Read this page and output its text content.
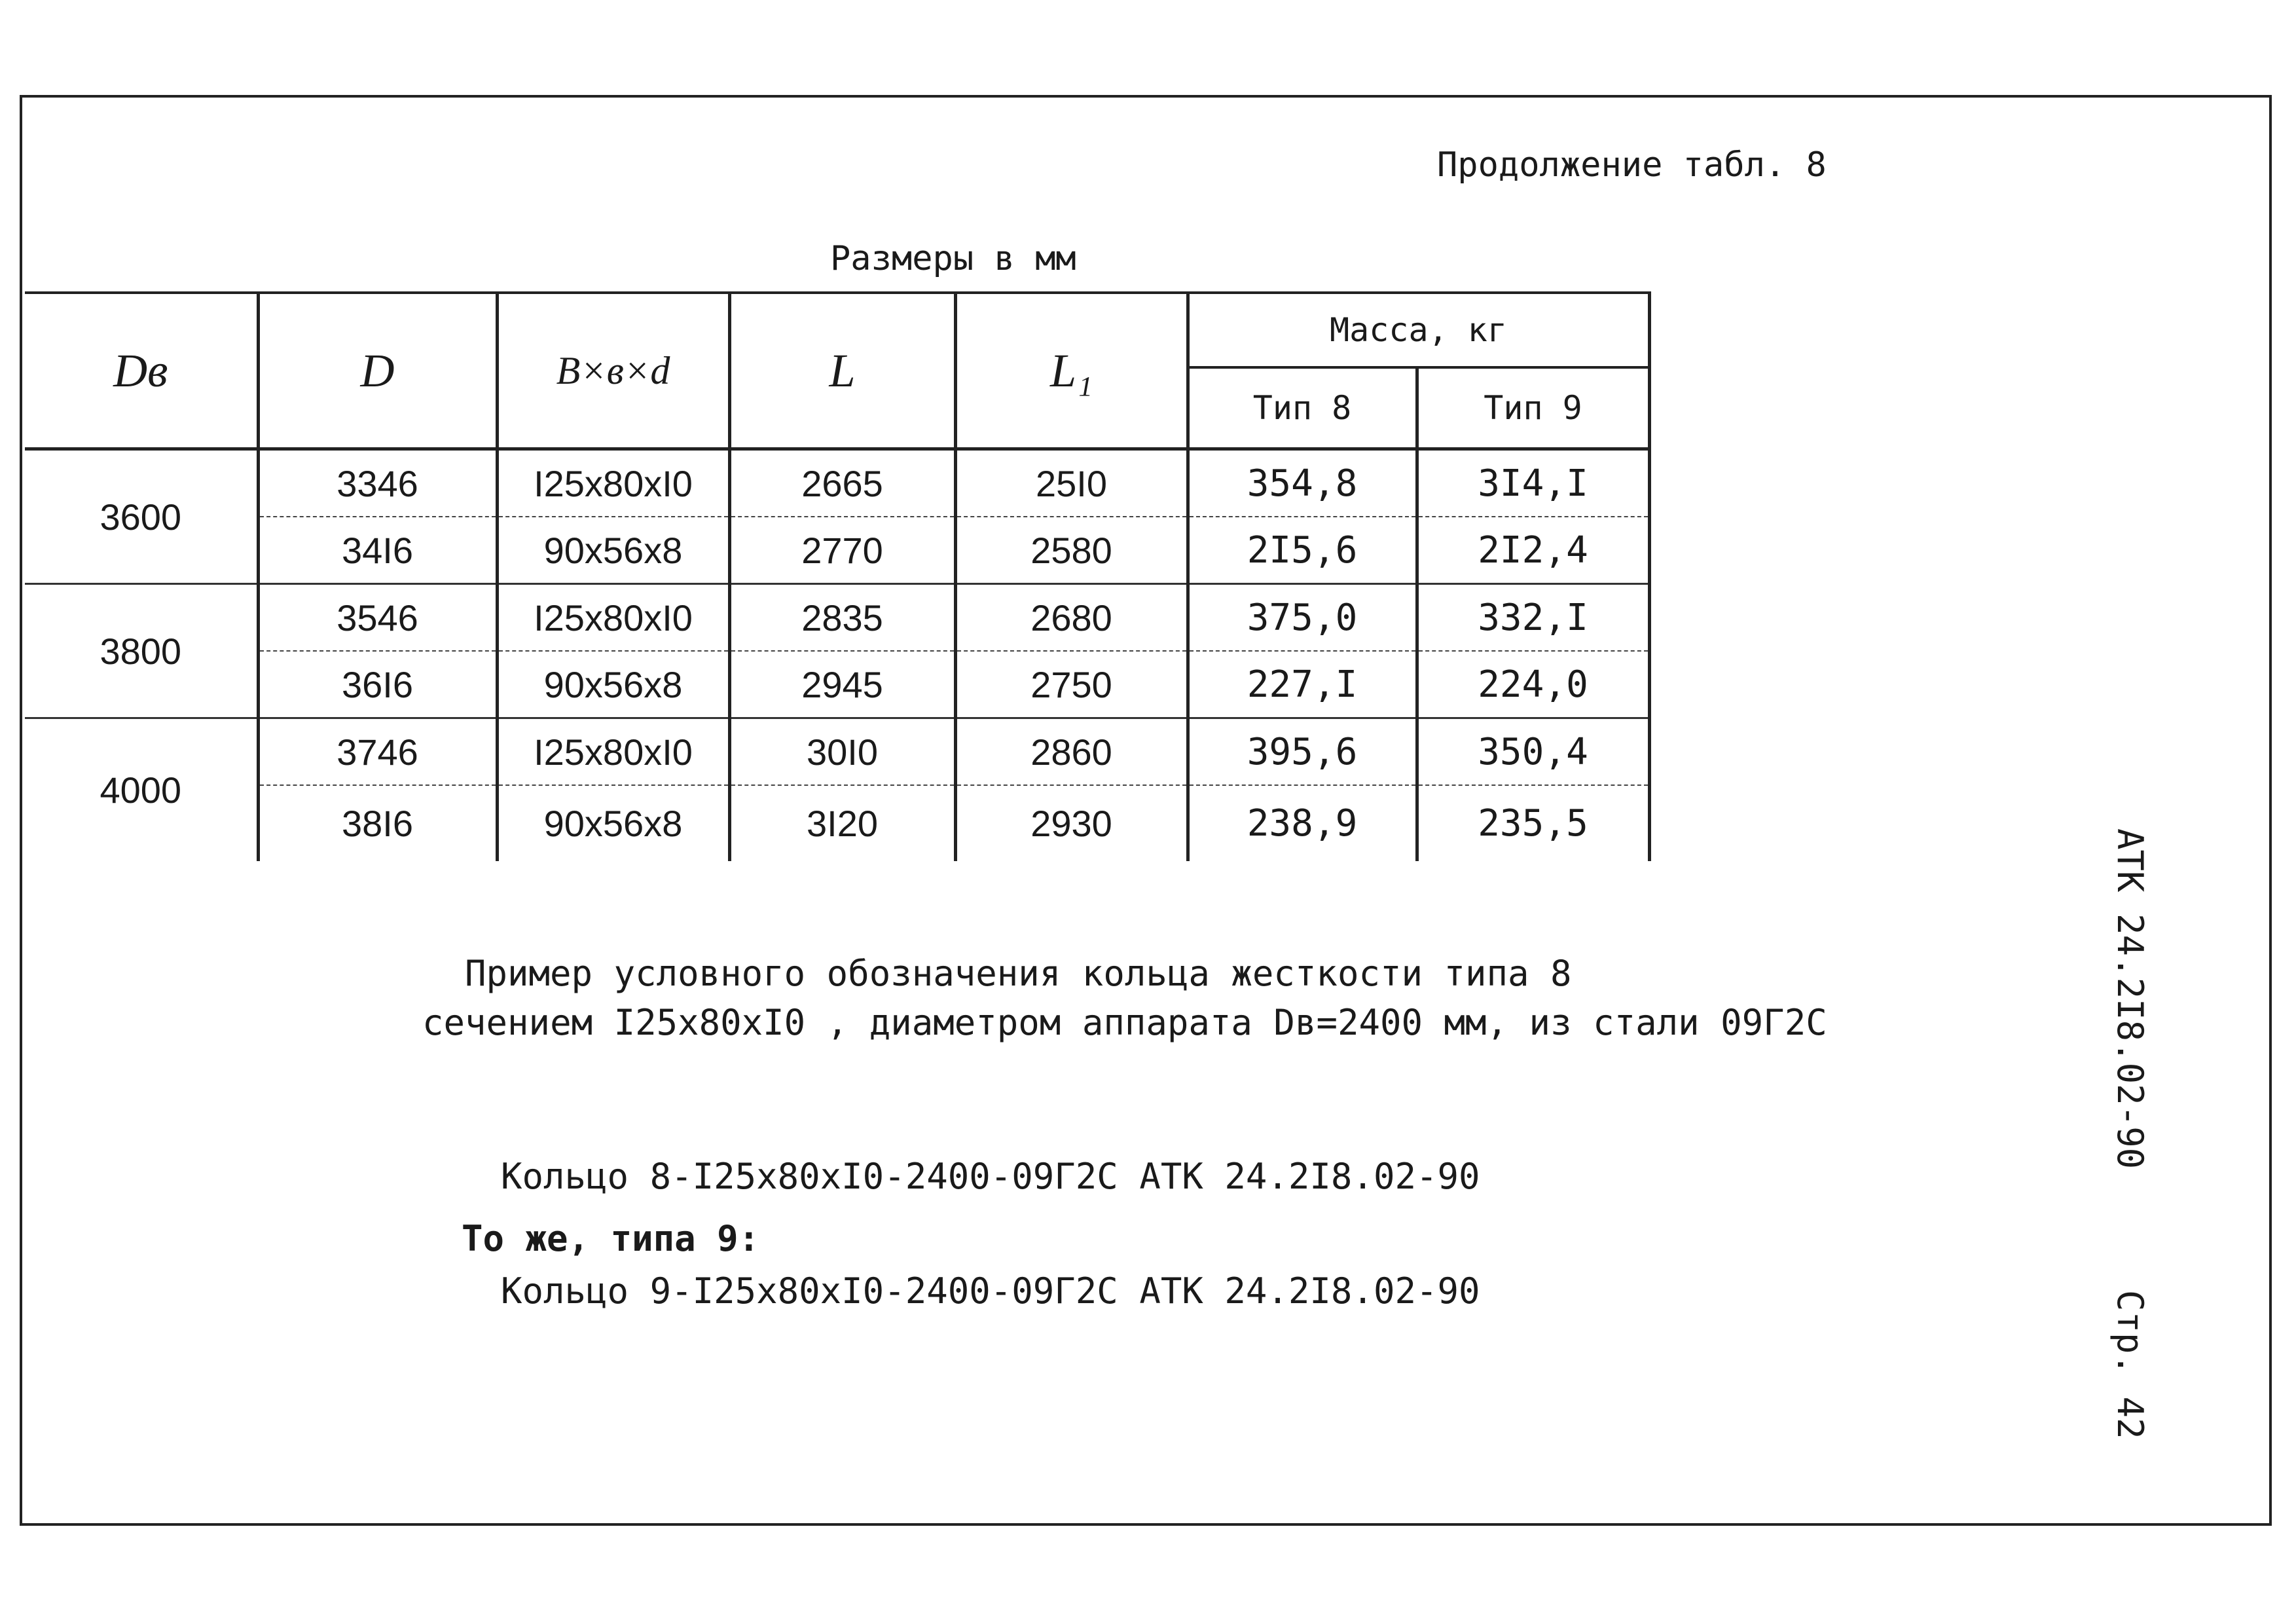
Продолжение табл. 8
Размеры в мм
Dв	D	B×в×d	L	L₁	Масса, кг	
					Тип 8	Тип 9
3600	3346	I25x80xI0	2665	25I0	354,8	3I4,I
	34I6	90x56x8	2770	2580	2I5,6	2I2,4
3800	3546	I25x80xI0	2835	2680	375,0	332,I
	36I6	90x56x8	2945	2750	227,I	224,0
4000	3746	I25x80xI0	30I0	2860	395,6	350,4
	38I6	90x56x8	3I20	2930	238,9	235,5
Пример условного обозначения кольца жесткости типа 8
сечением I25x80xI0 , диаметром аппарата Dв=2400 мм, из стали 09Г2С
Кольцо 8-I25x80xI0-2400-09Г2С АТК 24.2I8.02-90
То же, типа 9:
Кольцо 9-I25x80xI0-2400-09Г2С АТК 24.2I8.02-90
АТК 24.2I8.02-90
Стр. 42
